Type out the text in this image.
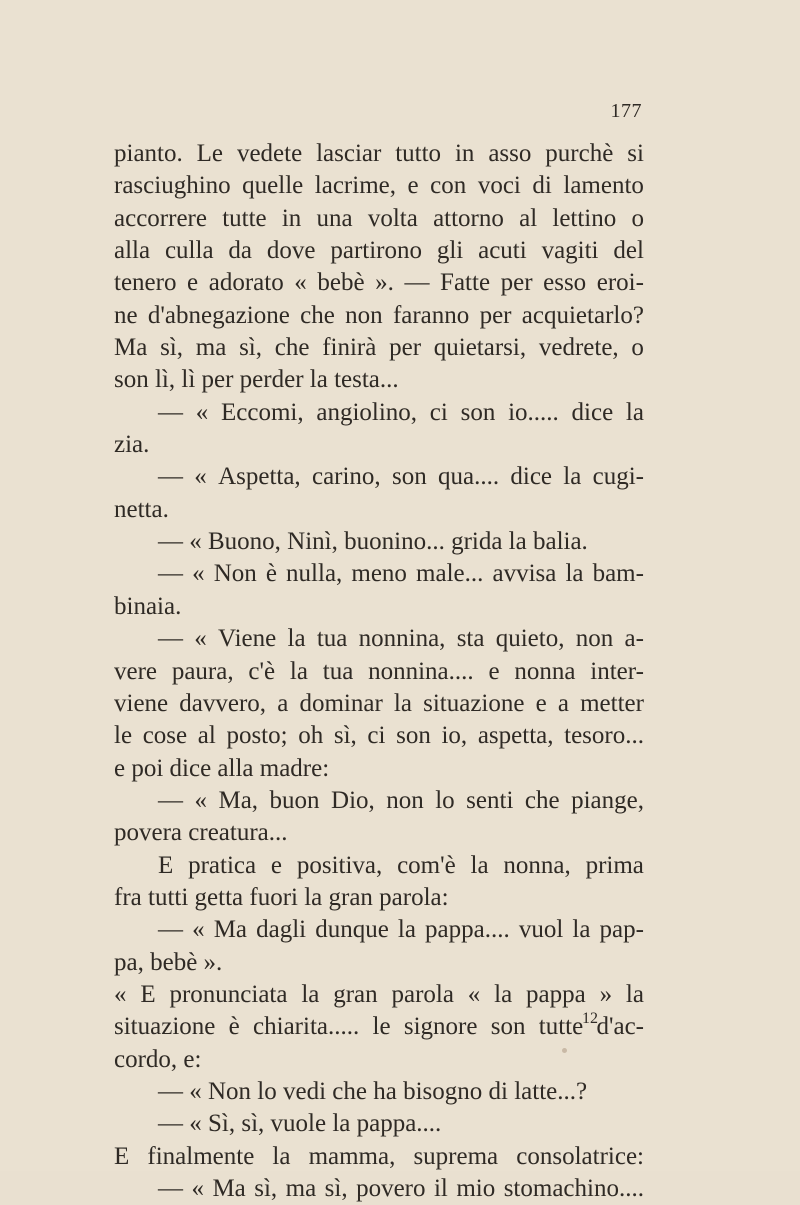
177
pianto. Le vedete lasciar tutto in asso purchè si
rasciughino quelle lacrime, e con voci di lamento
accorrere tutte in una volta attorno al lettino o
alla culla da dove partirono gli acuti vagiti del
tenero e adorato « bebè ». — Fatte per esso eroi-
ne d'abnegazione che non faranno per acquietarlo?
Ma sì, ma sì, che finirà per quietarsi, vedrete, o
son lì, lì per perder la testa...
— « Eccomi, angiolino, ci son io..... dice la
zia.
— « Aspetta, carino, son qua.... dice la cugi-
netta.
— « Buono, Ninì, buonino... grida la balia.
— « Non è nulla, meno male... avvisa la bam-
binaia.
— « Viene la tua nonnina, sta quieto, non a-
vere paura, c'è la tua nonnina.... e nonna inter-
viene davvero, a dominar la situazione e a metter
le cose al posto; oh sì, ci son io, aspetta, tesoro...
e poi dice alla madre:
— « Ma, buon Dio, non lo senti che piange,
povera creatura...
E pratica e positiva, com'è la nonna, prima
fra tutti getta fuori la gran parola:
— « Ma dagli dunque la pappa.... vuol la pap-
pa, bebè ».
« E pronunciata la gran parola « la pappa » la
situazione è chiarita..... le signore son tutte d'ac-
cordo, e:
— « Non lo vedi che ha bisogno di latte...?
— « Sì, sì, vuole la pappa....
E finalmente la mamma, suprema consolatrice:
— « Ma sì, ma sì, povero il mio stomachino....
12
